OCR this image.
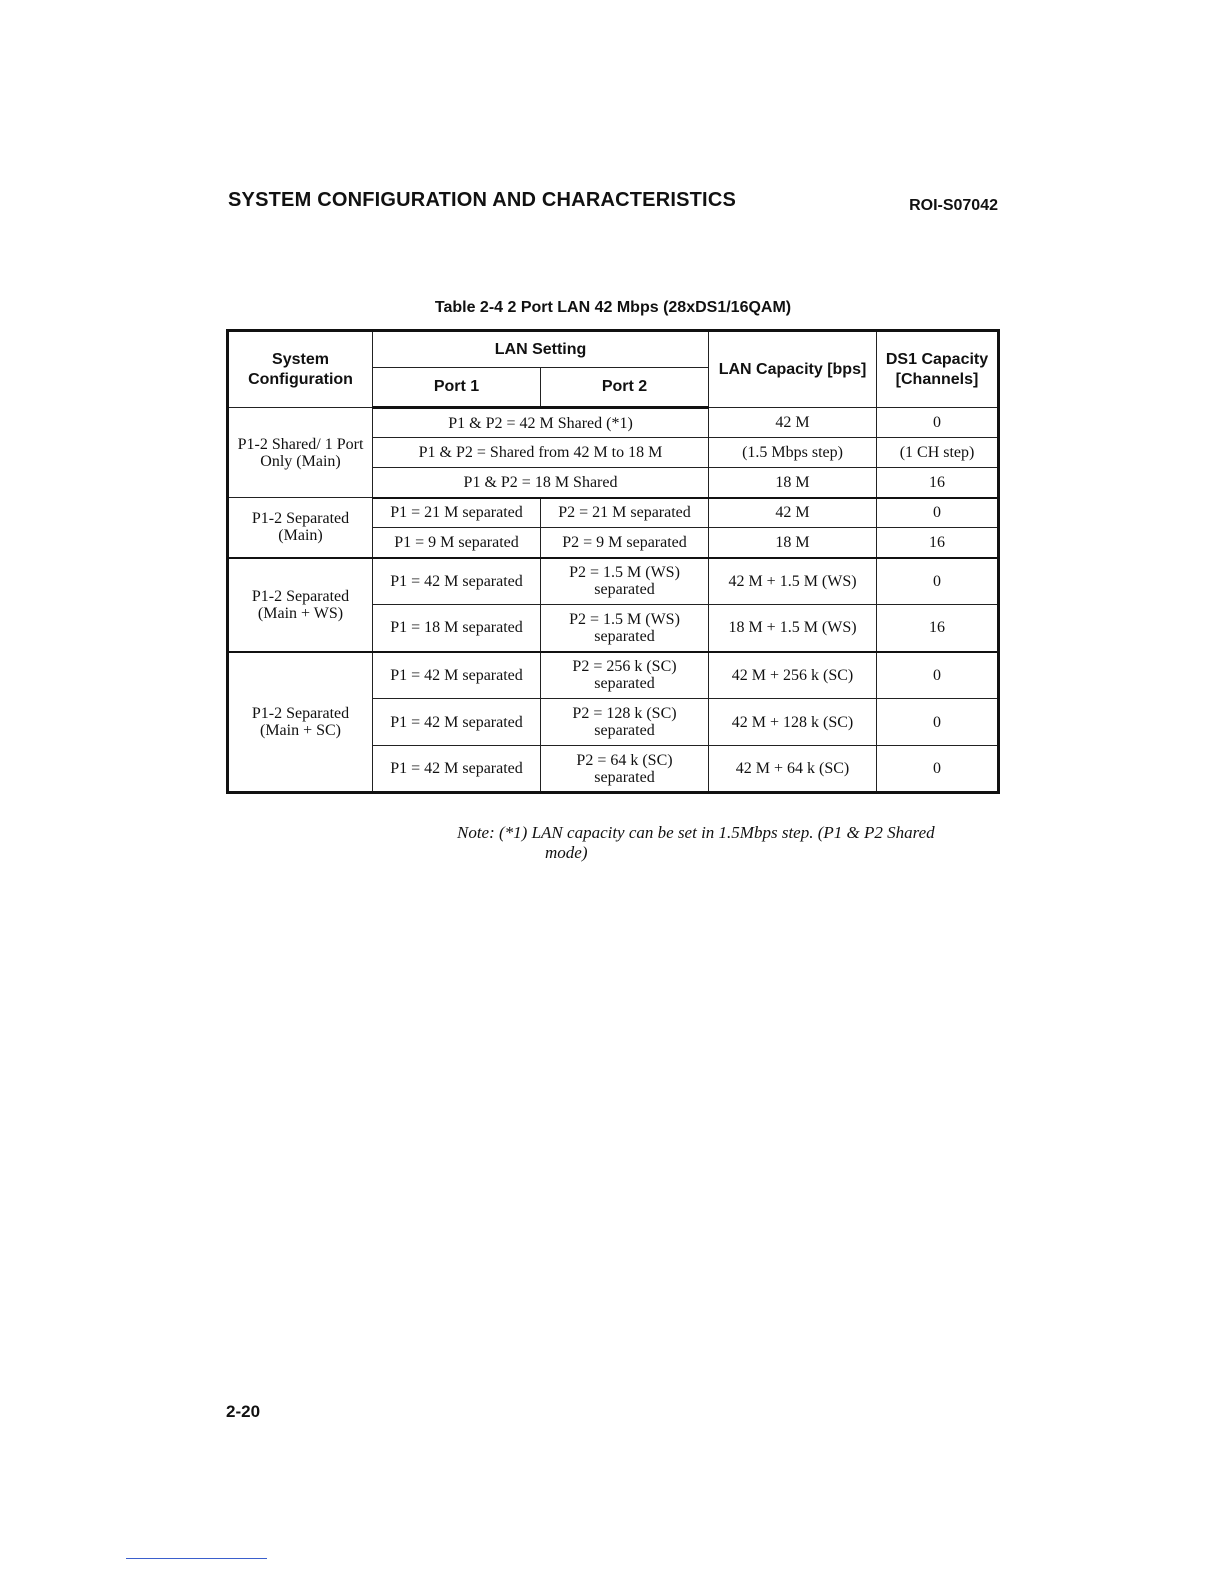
SYSTEM CONFIGURATION AND CHARACTERISTICS	ROI-S07042
Table 2-4 2 Port LAN 42 Mbps (28xDS1/16QAM)
System Configuration	LAN Setting		LAN Capacity [bps]	DS1 Capacity [Channels]
	Port 1	Port 2		
P1-2 Shared/ 1 Port Only (Main)	P1 & P2 = 42 M Shared (*1)		42 M	0
	P1 & P2 = Shared from 42 M to 18 M		(1.5 Mbps step)	(1 CH step)
	P1 & P2 = 18 M Shared		18 M	16
P1-2 Separated (Main)	P1 = 21 M separated	P2 = 21 M separated	42 M	0
	P1 = 9 M separated	P2 = 9 M separated	18 M	16
P1-2 Separated (Main + WS)	P1 = 42 M separated	P2 = 1.5 M (WS) separated	42 M + 1.5 M (WS)	0
	P1 = 18 M separated	P2 = 1.5 M (WS) separated	18 M + 1.5 M (WS)	16
P1-2 Separated (Main + SC)	P1 = 42 M separated	P2 = 256 k (SC) separated	42 M + 256 k (SC)	0
	P1 = 42 M separated	P2 = 128 k (SC) separated	42 M + 128 k (SC)	0
	P1 = 42 M separated	P2 = 64 k (SC) separated	42 M + 64 k (SC)	0
Note: (*1) LAN capacity can be set in 1.5Mbps step. (P1 & P2 Shared
mode)
2-20
